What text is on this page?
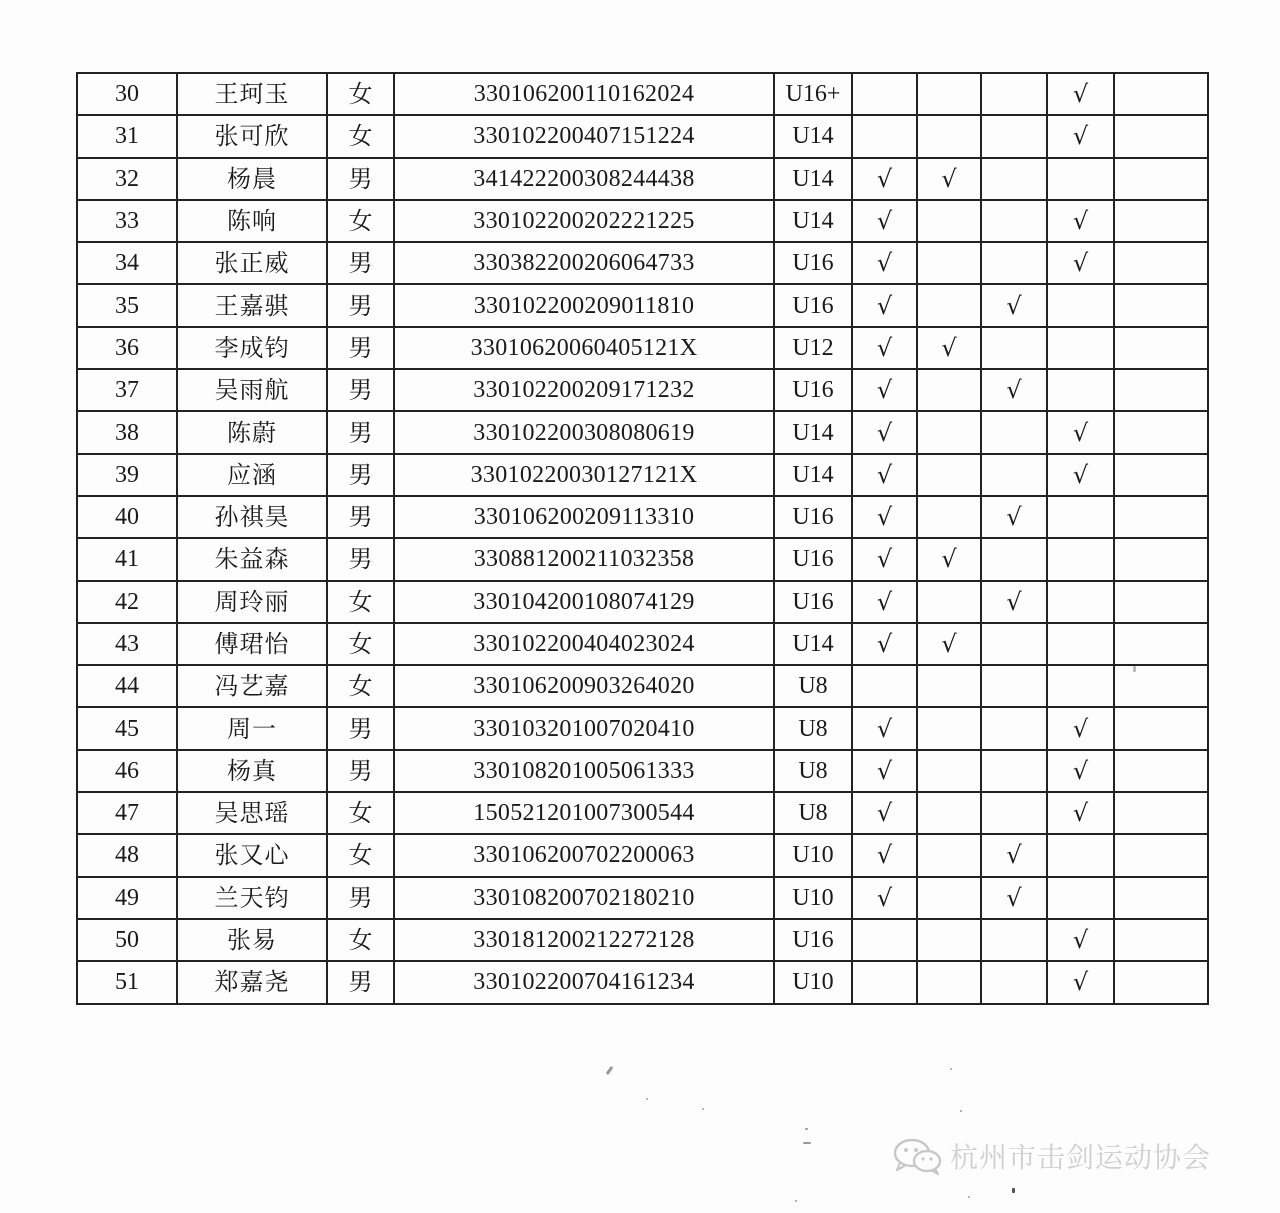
30	王珂玉	女	330106200110162024	U16+				√	
31	张可欣	女	330102200407151224	U14				√	
32	杨晨	男	341422200308244438	U14	√	√			
33	陈响	女	330102200202221225	U14	√			√	
34	张正威	男	330382200206064733	U16	√			√	
35	王嘉骐	男	330102200209011810	U16	√		√		
36	李成钧	男	33010620060405121X	U12	√	√			
37	吴雨航	男	330102200209171232	U16	√		√		
38	陈蔚	男	330102200308080619	U14	√			√	
39	应涵	男	33010220030127121X	U14	√			√	
40	孙祺昊	男	330106200209113310	U16	√		√		
41	朱益森	男	330881200211032358	U16	√	√			
42	周玲丽	女	330104200108074129	U16	√		√		
43	傅珺怡	女	330102200404023024	U14	√	√			
44	冯艺嘉	女	330106200903264020	U8					
45	周一	男	330103201007020410	U8	√			√	
46	杨真	男	330108201005061333	U8	√			√	
47	吴思瑶	女	150521201007300544	U8	√			√	
48	张又心	女	330106200702200063	U10	√		√		
49	兰天钧	男	330108200702180210	U10	√		√		
50	张易	女	330181200212272128	U16				√	
51	郑嘉尧	男	330102200704161234	U10				√	
杭州市击剑运动协会
